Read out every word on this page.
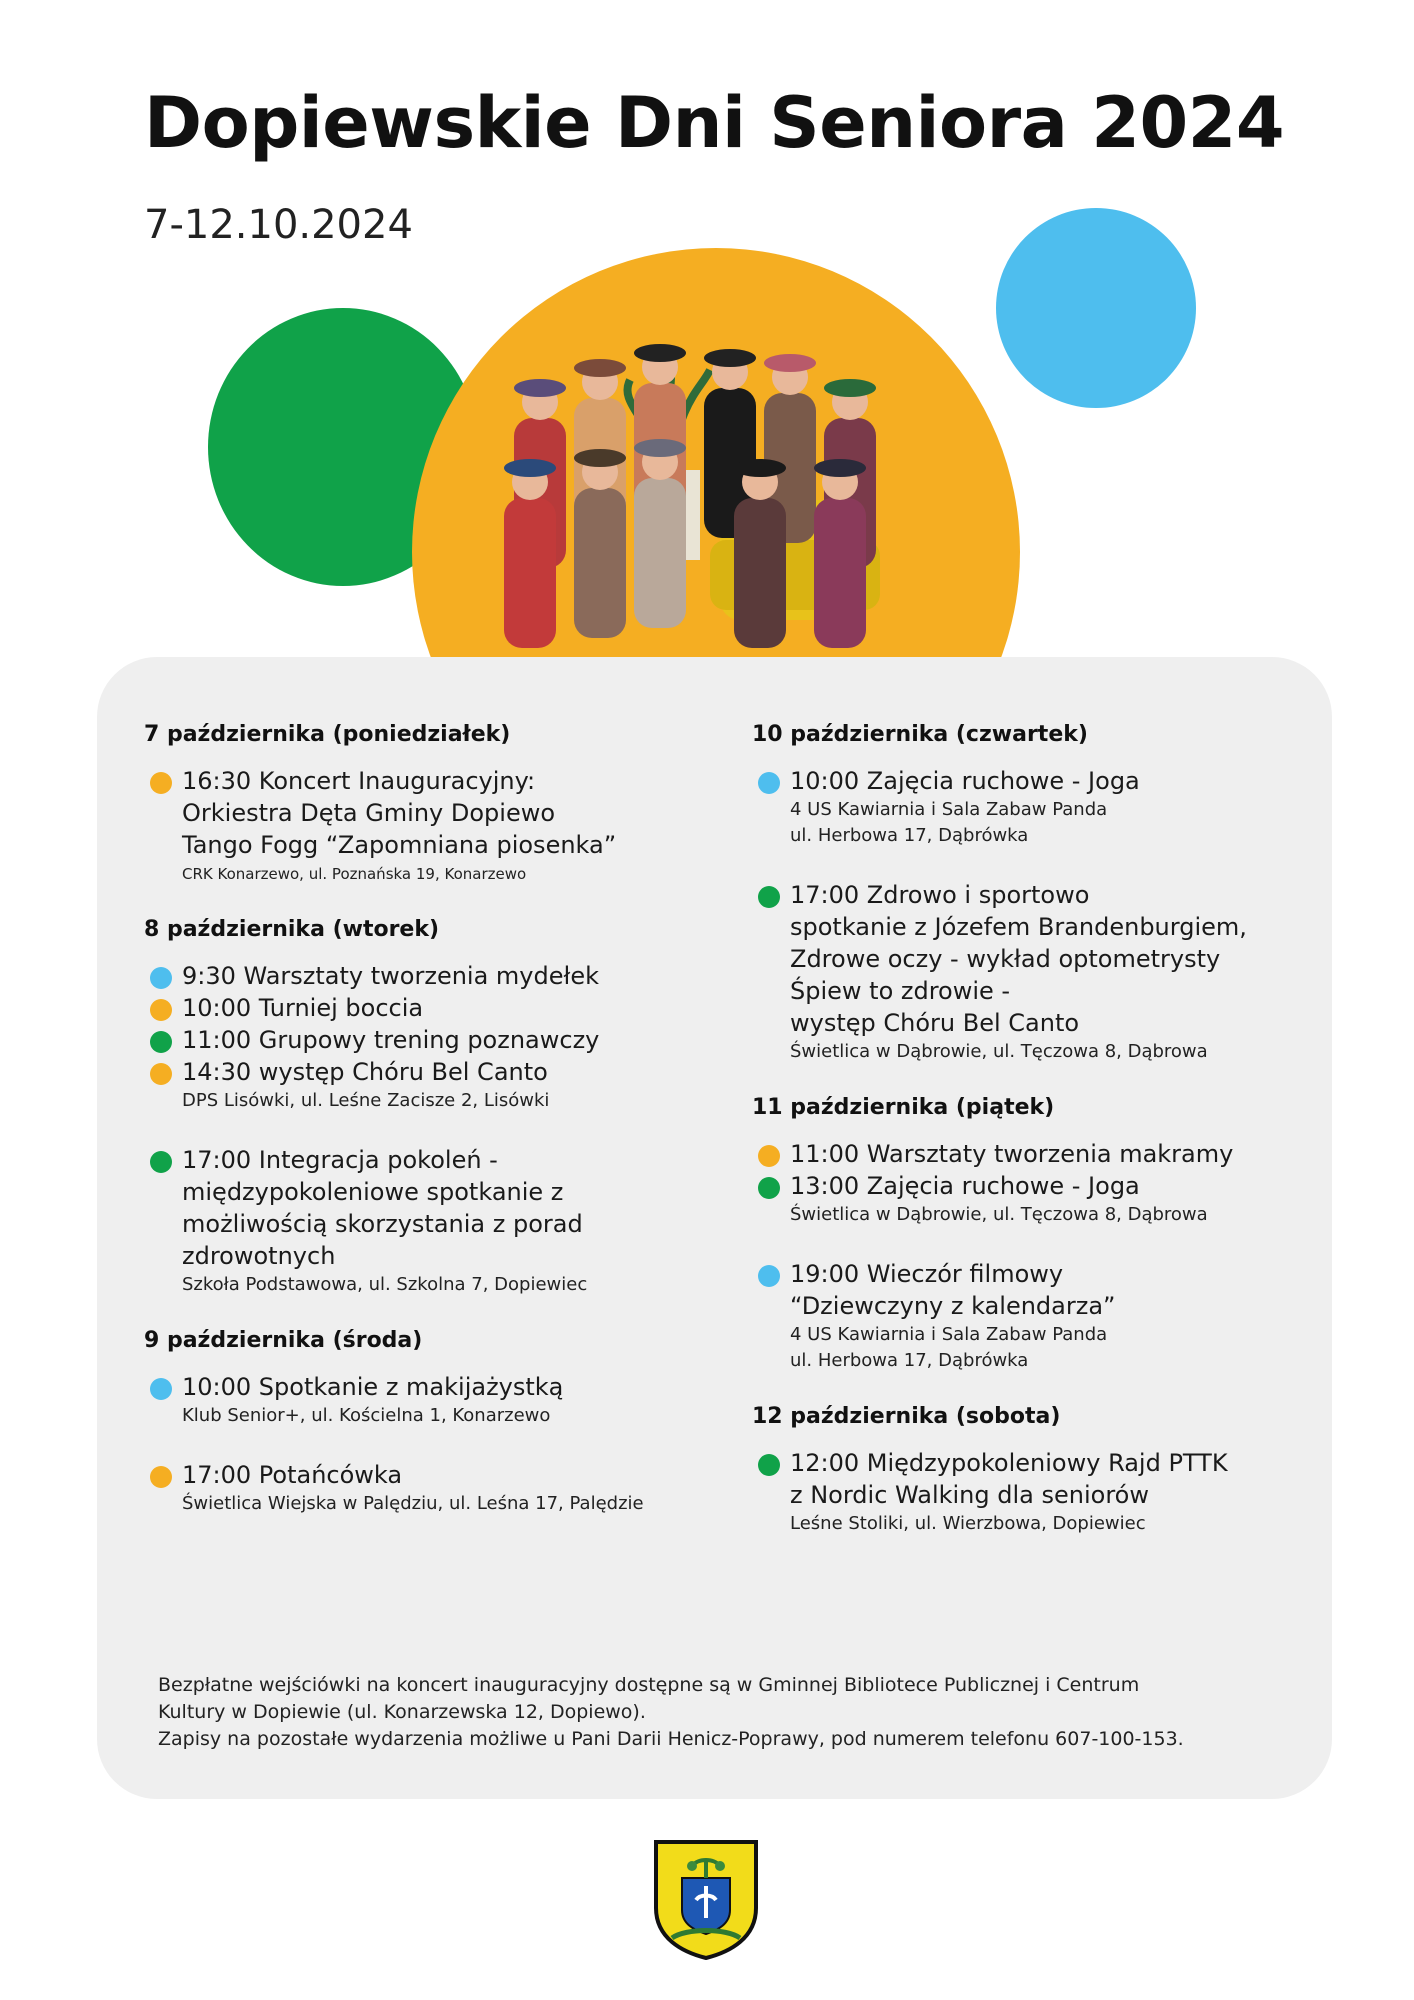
Dopiewskie Dni Seniora 2024
7-12.10.2024
7 października (poniedziałek)
16:30 Koncert Inauguracyjny:
Orkiestra Dęta Gminy Dopiewo
Tango Fogg “Zapomniana piosenka”
CRK Konarzewo, ul. Poznańska 19, Konarzewo
8 października (wtorek)
9:30 Warsztaty tworzenia mydełek
10:00 Turniej boccia
11:00 Grupowy trening poznawczy
14:30 występ Chóru Bel Canto
DPS Lisówki, ul. Leśne Zacisze 2, Lisówki
17:00 Integracja pokoleń -
międzypokoleniowe spotkanie z
możliwością skorzystania z porad
zdrowotnych
Szkoła Podstawowa, ul. Szkolna 7, Dopiewiec
9 października (środa)
10:00 Spotkanie z makijażystką
Klub Senior+, ul. Kościelna 1, Konarzewo
17:00 Potańcówka
Świetlica Wiejska w Palędziu, ul. Leśna 17, Palędzie
10 października (czwartek)
10:00 Zajęcia ruchowe - Joga
4 US Kawiarnia i Sala Zabaw Panda
ul. Herbowa 17, Dąbrówka
17:00 Zdrowo i sportowo
spotkanie z Józefem Brandenburgiem,
Zdrowe oczy - wykład optometrysty
Śpiew to zdrowie -
występ Chóru Bel Canto
Świetlica w Dąbrowie, ul. Tęczowa 8, Dąbrowa
11 października (piątek)
11:00 Warsztaty tworzenia makramy
13:00 Zajęcia ruchowe - Joga
Świetlica w Dąbrowie, ul. Tęczowa 8, Dąbrowa
19:00 Wieczór filmowy
“Dziewczyny z kalendarza”
4 US Kawiarnia i Sala Zabaw Panda
ul. Herbowa 17, Dąbrówka
12 października (sobota)
12:00 Międzypokoleniowy Rajd PTTK
z Nordic Walking dla seniorów
Leśne Stoliki, ul. Wierzbowa, Dopiewiec
Bezpłatne wejściówki na koncert inauguracyjny dostępne są w Gminnej Bibliotece Publicznej i Centrum
Kultury w Dopiewie (ul. Konarzewska 12, Dopiewo).
Zapisy na pozostałe wydarzenia możliwe u Pani Darii Henicz-Poprawy, pod numerem telefonu 607-100-153.
